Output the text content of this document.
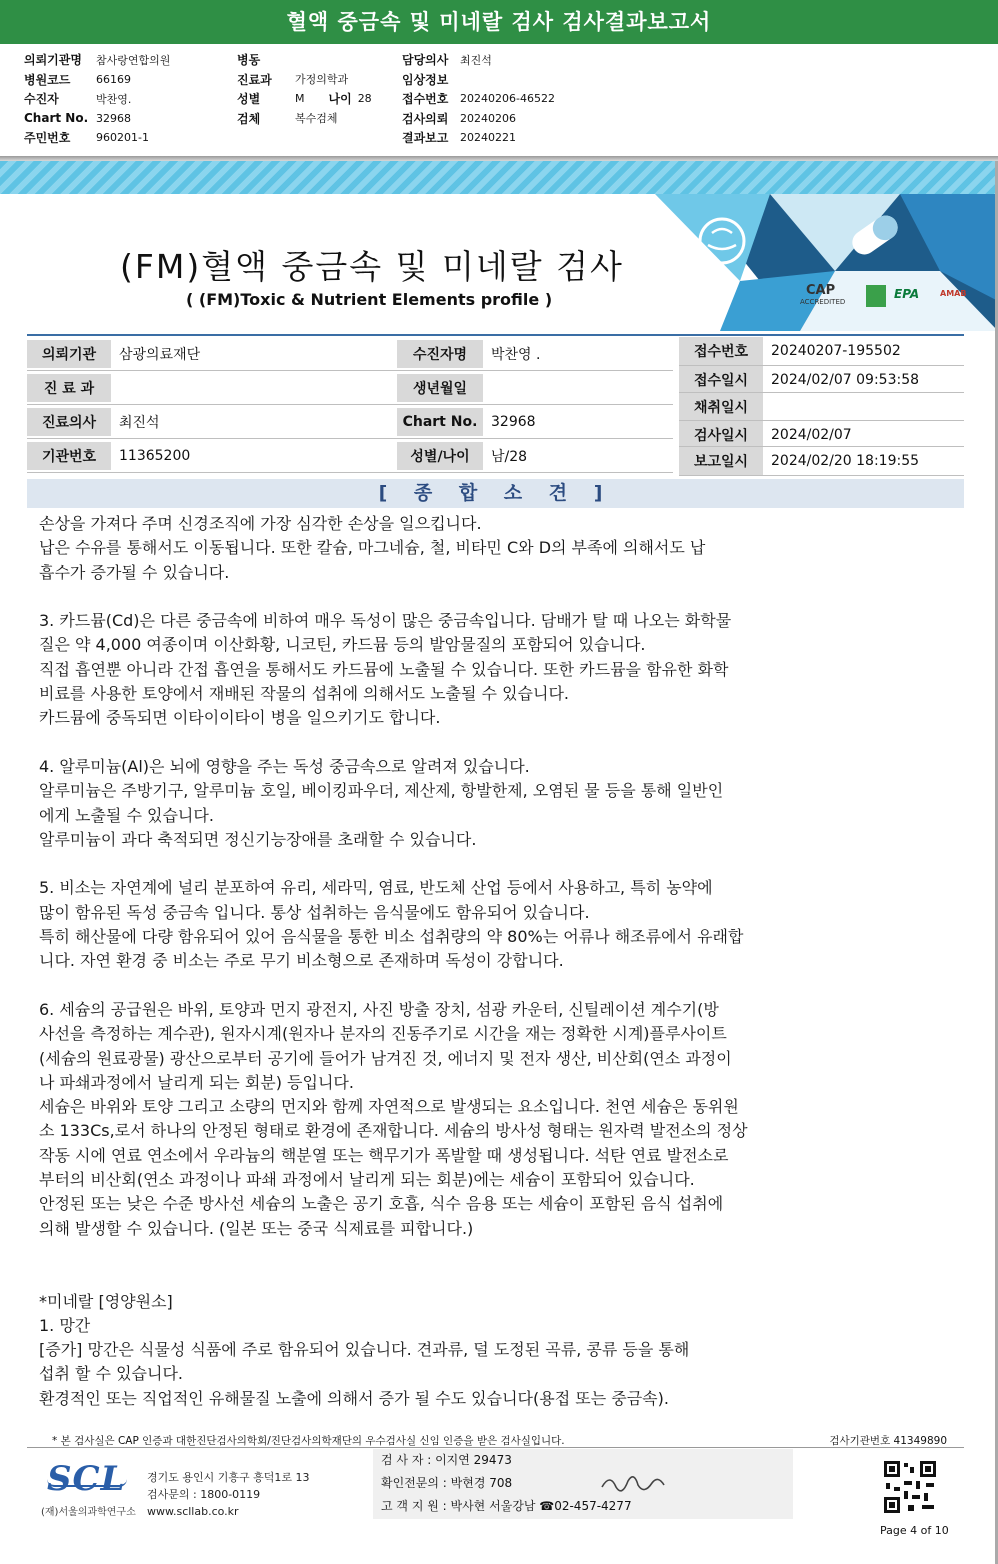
혈액 중금속 및 미네랄 검사 검사결과보고서
의뢰기관명	참사랑연합의원
병원코드	66169
수진자	박찬영.
Chart No. 32968
주민번호	960201-1
병동
진료과	가정의학과
성별	M 나이 28
검체	복수검체
담당의사	최진석
임상정보
접수번호	20240206-46522
검사의뢰	20240206
결과보고	20240221
CAP
ACCREDITED
EPA	AMAB
(FM)혈액 중금속 및 미네랄 검사
( (FM)Toxic & Nutrient Elements profile )
의뢰기관	삼광의료재단
진 료 과
진료의사	최진석
기관번호	11365200
수진자명	박찬영 .
생년월일
Chart No. 32968
성별/나이	남/28
접수번호	20240207-195502
접수일시	2024/02/07 09:53:58
채취일시
검사일시	2024/02/07
보고일시	2024/02/20 18:19:55
[ 종 합 소 견 ]

손상을 가져다 주며 신경조직에 가장 심각한 손상을 일으킵니다.

납은 수유를 통해서도 이동됩니다. 또한 칼슘, 마그네슘, 철, 비타민 C와 D의 부족에 의해서도 납

흡수가 증가될 수 있습니다.

3. 카드뮴(Cd)은 다른 중금속에 비하여 매우 독성이 많은 중금속입니다. 담배가 탈 때 나오는 화학물

질은 약 4,000 여종이며 이산화황, 니코틴, 카드뮴 등의 발암물질의 포함되어 있습니다.

직접 흡연뿐 아니라 간접 흡연을 통해서도 카드뮴에 노출될 수 있습니다. 또한 카드뮴을 함유한 화학

비료를 사용한 토양에서 재배된 작물의 섭취에 의해서도 노출될 수 있습니다.

카드뮴에 중독되면 이타이이타이 병을 일으키기도 합니다.

4. 알루미늄(Al)은 뇌에 영향을 주는 독성 중금속으로 알려져 있습니다.

알루미늄은 주방기구, 알루미늄 호일, 베이킹파우더, 제산제, 항발한제, 오염된 물 등을 통해 일반인

에게 노출될 수 있습니다.

알루미늄이 과다 축적되면 정신기능장애를 초래할 수 있습니다.

5. 비소는 자연계에 널리 분포하여 유리, 세라믹, 염료, 반도체 산업 등에서 사용하고, 특히 농약에

많이 함유된 독성 중금속 입니다. 통상 섭취하는 음식물에도 함유되어 있습니다.

특히 해산물에 다량 함유되어 있어 음식물을 통한 비소 섭취량의 약 80%는 어류나 해조류에서 유래합

니다. 자연 환경 중 비소는 주로 무기 비소형으로 존재하며 독성이 강합니다.

6. 세슘의 공급원은 바위, 토양과 먼지 광전지, 사진 방출 장치, 섬광 카운터, 신틸레이션 계수기(방

사선을 측정하는 계수관), 원자시계(원자나 분자의 진동주기로 시간을 재는 정확한 시계)플루사이트

(세슘의 원료광물) 광산으로부터 공기에 들어가 남겨진 것, 에너지 및 전자 생산, 비산회(연소 과정이

나 파쇄과정에서 날리게 되는 회분) 등입니다.

세슘은 바위와 토양 그리고 소량의 먼지와 함께 자연적으로 발생되는 요소입니다. 천연 세슘은 동위원

소 133Cs,로서 하나의 안정된 형태로 환경에 존재합니다. 세슘의 방사성 형태는 원자력 발전소의 정상

작동 시에 연료 연소에서 우라늄의 핵분열 또는 핵무기가 폭발할 때 생성됩니다. 석탄 연료 발전소로

부터의 비산회(연소 과정이나 파쇄 과정에서 날리게 되는 회분)에는 세슘이 포함되어 있습니다.

안정된 또는 낮은 수준 방사선 세슘의 노출은 공기 호흡, 식수 음용 또는 세슘이 포함된 음식 섭취에

의해 발생할 수 있습니다. (일본 또는 중국 식제료를 피합니다.)

*미네랄 [영양원소]

1. 망간

[증가] 망간은 식물성 식품에 주로 함유되어 있습니다. 견과류, 덜 도정된 곡류, 콩류 등을 통해

섭취 할 수 있습니다.

환경적인 또는 직업적인 유해물질 노출에 의해서 증가 될 수도 있습니다(용접 또는 중금속).

* 본 검사실은 CAP 인증과 대한진단검사의학회/진단검사의학재단의 우수검사실 신임 인증을 받은 검사실입니다.	검사기관번호 41349890
SCL
(재)서울의과학연구소
경기도 용인시 기흥구 흥덕1로 13
검사문의 : 1800-0119
www.scllab.co.kr
검 사 자 : 이지연 29473
확인전문의 : 박현경 708
고 객 지 원 : 박사현 서울강남 ☎02-457-4277
Page 4 of 10
